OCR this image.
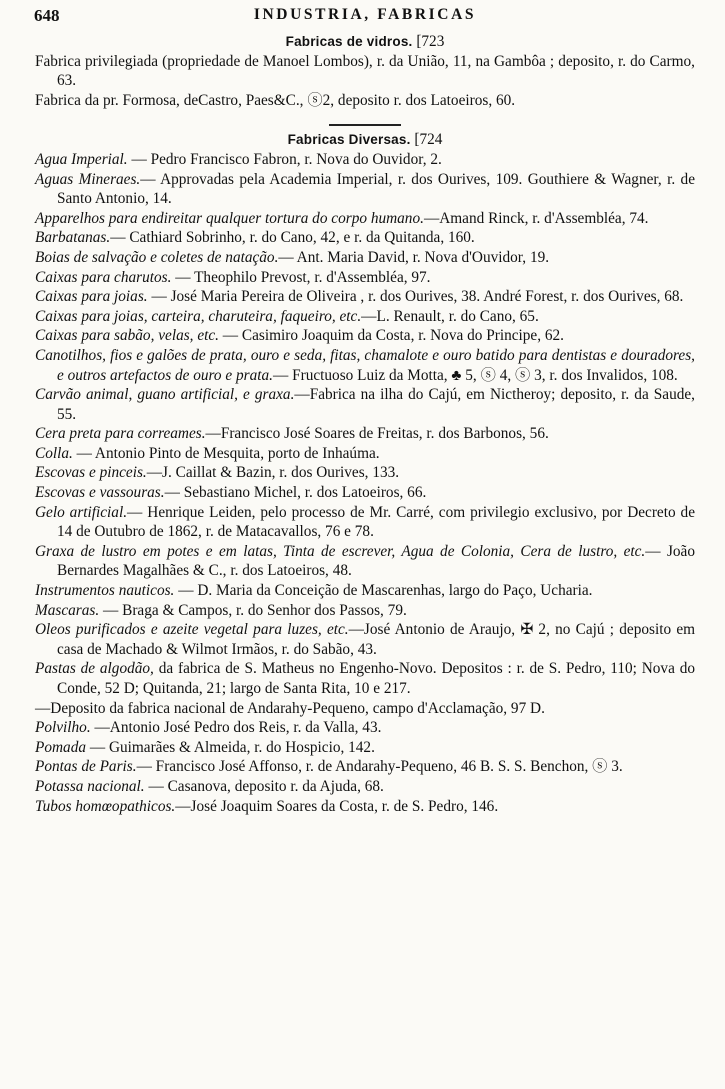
648	INDUSTRIA, FABRICAS

Fabricas de vidros. [723

Fabrica privilegiada (propriedade de Manoel Lombos), r. da União, 11, na Gambôa ; deposito, r. do Carmo, 63.

Fabrica da pr. Formosa, deCastro, Paes&C., ⓢ2, deposito r. dos Latoeiros, 60.

Fabricas Diversas. [724

Agua Imperial. — Pedro Francisco Fabron, r. Nova do Ouvidor, 2.

Aguas Mineraes.— Approvadas pela Academia Imperial, r. dos Ourives, 109. Gouthiere & Wagner, r. de Santo Antonio, 14.

Apparelhos para endireitar qualquer tortura do corpo humano.—Amand Rinck, r. d'Assembléa, 74.

Barbatanas.— Cathiard Sobrinho, r. do Cano, 42, e r. da Quitanda, 160.

Boias de salvação e coletes de natação.— Ant. Maria David, r. Nova d'Ouvidor, 19.

Caixas para charutos. — Theophilo Prevost, r. d'Assembléa, 97.

Caixas para joias. — José Maria Pereira de Oliveira , r. dos Ourives, 38. André Forest, r. dos Ourives, 68.

Caixas para joias, carteira, charuteira, faqueiro, etc.—L. Renault, r. do Cano, 65.

Caixas para sabão, velas, etc. — Casimiro Joaquim da Costa, r. Nova do Principe, 62.

Canotilhos, fios e galões de prata, ouro e seda, fitas, chamalote e ouro batido para dentistas e douradores, e outros artefactos de ouro e prata.— Fructuoso Luiz da Motta, ♣ 5, ⓢ 4, ⓢ 3, r. dos Invalidos, 108.

Carvão animal, guano artificial, e graxa.—Fabrica na ilha do Cajú, em Nictheroy; deposito, r. da Saude, 55.

Cera preta para correames.—Francisco José Soares de Freitas, r. dos Barbonos, 56.

Colla. — Antonio Pinto de Mesquita, porto de Inhaúma.

Escovas e pinceis.—J. Caillat & Bazin, r. dos Ourives, 133.

Escovas e vassouras.— Sebastiano Michel, r. dos Latoeiros, 66.

Gelo artificial.— Henrique Leiden, pelo processo de Mr. Carré, com privilegio exclusivo, por Decreto de 14 de Outubro de 1862, r. de Matacavallos, 76 e 78.

Graxa de lustro em potes e em latas, Tinta de escrever, Agua de Colonia, Cera de lustro, etc.— João Bernardes Magalhães & C., r. dos Latoeiros, 48.

Instrumentos nauticos. — D. Maria da Conceição de Mascarenhas, largo do Paço, Ucharia.

Mascaras. — Braga & Campos, r. do Senhor dos Passos, 79.

Oleos purificados e azeite vegetal para luzes, etc.—José Antonio de Araujo, ✠ 2, no Cajú ; deposito em casa de Machado & Wilmot Irmãos, r. do Sabão, 43.

Pastas de algodão, da fabrica de S. Matheus no Engenho-Novo. Depositos : r. de S. Pedro, 110; Nova do Conde, 52 D; Quitanda, 21; largo de Santa Rita, 10 e 217.

—Deposito da fabrica nacional de Andarahy-Pequeno, campo d'Acclamação, 97 D.

Polvilho. —Antonio José Pedro dos Reis, r. da Valla, 43.

Pomada — Guimarães & Almeida, r. do Hospicio, 142.

Pontas de Paris.— Francisco José Affonso, r. de Andarahy-Pequeno, 46 B. S. S. Benchon, ⓢ 3.

Potassa nacional. — Casanova, deposito r. da Ajuda, 68.

Tubos homœopathicos.—José Joaquim Soares da Costa, r. de S. Pedro, 146.
